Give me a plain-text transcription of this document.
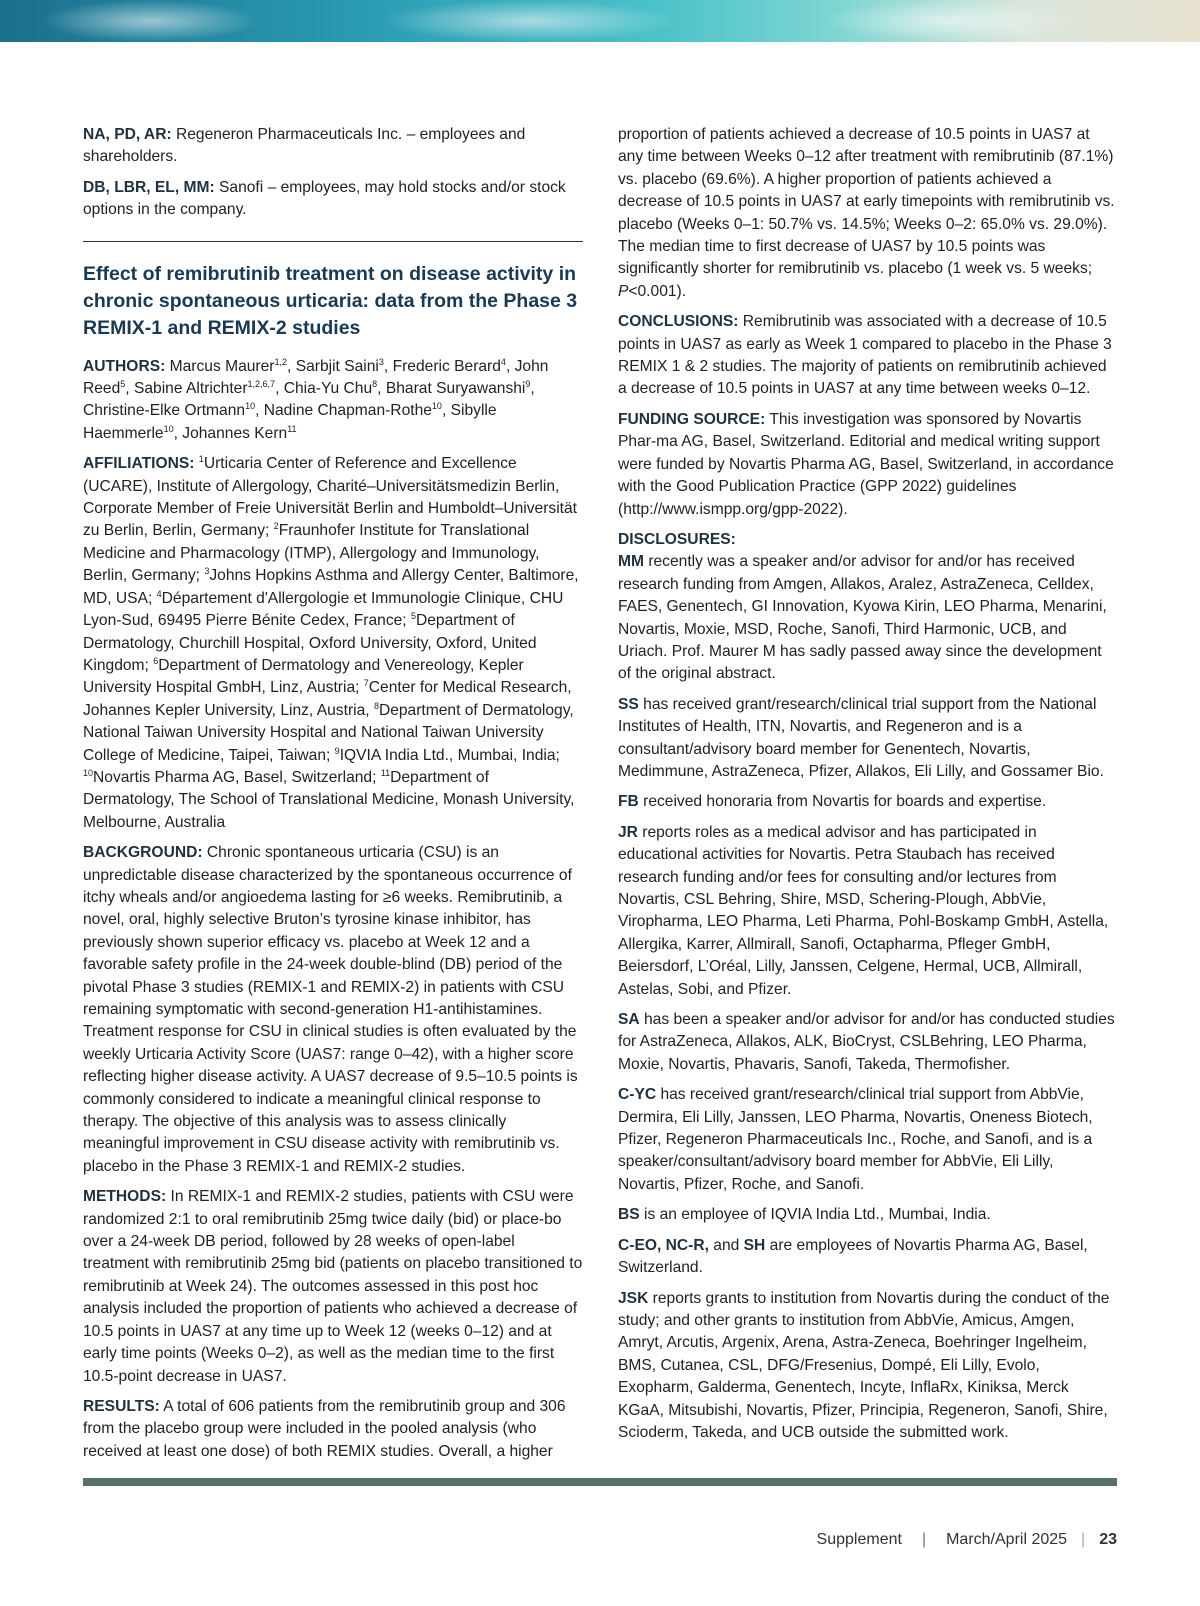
NA, PD, AR: Regeneron Pharmaceuticals Inc. – employees and shareholders.

DB, LBR, EL, MM: Sanofi – employees, may hold stocks and/or stock options in the company.

Effect of remibrutinib treatment on disease activity in chronic spontaneous urticaria: data from the Phase 3 REMIX-1 and REMIX-2 studies

AUTHORS: Marcus Maurer$^{1,2}$, Sarbjit Saini$^3$, Frederic Berard$^4$, John Reed$^5$, Sabine Altrichter$^{1,2,6,7}$, Chia-Yu Chu$^8$, Bharat Suryawanshi$^9$, Christine-Elke Ortmann$^{10}$, Nadine Chapman-Rothe$^{10}$, Sibylle Haemmerle$^{10}$, Johannes Kern$^{11}$

AFFILIATIONS: $^1$Urticaria Center of Reference and Excellence (UCARE), Institute of Allergology, Charité–Universitätsmedizin Berlin, Corporate Member of Freie Universität Berlin and Humboldt–Universität zu Berlin, Berlin, Germany; $^2$Fraunhofer Institute for Translational Medicine and Pharmacology (ITMP), Allergology and Immunology, Berlin, Germany; $^3$Johns Hopkins Asthma and Allergy Center, Baltimore, MD, USA; $^4$Département d'Allergologie et Immunologie Clinique, CHU Lyon-Sud, 69495 Pierre Bénite Cedex, France; $^5$Department of Dermatology, Churchill Hospital, Oxford University, Oxford, United Kingdom; $^6$Department of Dermatology and Venereology, Kepler University Hospital GmbH, Linz, Austria; $^7$Center for Medical Research, Johannes Kepler University, Linz, Austria, $^8$Department of Dermatology, National Taiwan University Hospital and National Taiwan University College of Medicine, Taipei, Taiwan; $^9$IQVIA India Ltd., Mumbai, India; $^{10}$Novartis Pharma AG, Basel, Switzerland; $^{11}$Department of Dermatology, The School of Translational Medicine, Monash University, Melbourne, Australia

BACKGROUND: Chronic spontaneous urticaria (CSU) is an unpredictable disease characterized by the spontaneous occurrence of itchy wheals and/or angioedema lasting for ≥6 weeks. Remibrutinib, a novel, oral, highly selective Bruton’s tyrosine kinase inhibitor, has previously shown superior efficacy vs. placebo at Week 12 and a favorable safety profile in the 24-week double-blind (DB) period of the pivotal Phase 3 studies (REMIX-1 and REMIX-2) in patients with CSU remaining symptomatic with second-generation H1-antihistamines. Treatment response for CSU in clinical studies is often evaluated by the weekly Urticaria Activity Score (UAS7: range 0–42), with a higher score reflecting higher disease activity. A UAS7 decrease of 9.5–10.5 points is commonly considered to indicate a meaningful clinical response to therapy. The objective of this analysis was to assess clinically meaningful improvement in CSU disease activity with remibrutinib vs. placebo in the Phase 3 REMIX-1 and REMIX-2 studies.

METHODS: In REMIX-1 and REMIX-2 studies, patients with CSU were randomized 2:1 to oral remibrutinib 25mg twice daily (bid) or place-bo over a 24-week DB period, followed by 28 weeks of open-label treatment with remibrutinib 25mg bid (patients on placebo transitioned to remibrutinib at Week 24). The outcomes assessed in this post hoc analysis included the proportion of patients who achieved a decrease of 10.5 points in UAS7 at any time up to Week 12 (weeks 0–12) and at early time points (Weeks 0–2), as well as the median time to the first 10.5-point decrease in UAS7.

RESULTS: A total of 606 patients from the remibrutinib group and 306 from the placebo group were included in the pooled analysis (who received at least one dose) of both REMIX studies. Overall, a higher

proportion of patients achieved a decrease of 10.5 points in UAS7 at any time between Weeks 0–12 after treatment with remibrutinib (87.1%) vs. placebo (69.6%). A higher proportion of patients achieved a decrease of 10.5 points in UAS7 at early timepoints with remibrutinib vs. placebo (Weeks 0–1: 50.7% vs. 14.5%; Weeks 0–2: 65.0% vs. 29.0%). The median time to first decrease of UAS7 by 10.5 points was significantly shorter for remibrutinib vs. placebo (1 week vs. 5 weeks; P<0.001).

CONCLUSIONS: Remibrutinib was associated with a decrease of 10.5 points in UAS7 as early as Week 1 compared to placebo in the Phase 3 REMIX 1 & 2 studies. The majority of patients on remibrutinib achieved a decrease of 10.5 points in UAS7 at any time between weeks 0–12.

FUNDING SOURCE: This investigation was sponsored by Novartis Phar-ma AG, Basel, Switzerland. Editorial and medical writing support were funded by Novartis Pharma AG, Basel, Switzerland, in accordance with the Good Publication Practice (GPP 2022) guidelines (http://www.ismpp.org/gpp-2022).

DISCLOSURES:

MM recently was a speaker and/or advisor for and/or has received research funding from Amgen, Allakos, Aralez, AstraZeneca, Celldex, FAES, Genentech, GI Innovation, Kyowa Kirin, LEO Pharma, Menarini, Novartis, Moxie, MSD, Roche, Sanofi, Third Harmonic, UCB, and Uriach. Prof. Maurer M has sadly passed away since the development of the original abstract.

SS has received grant/research/clinical trial support from the National Institutes of Health, ITN, Novartis, and Regeneron and is a consultant/advisory board member for Genentech, Novartis, Medimmune, AstraZeneca, Pfizer, Allakos, Eli Lilly, and Gossamer Bio.

FB received honoraria from Novartis for boards and expertise.

JR reports roles as a medical advisor and has participated in educational activities for Novartis. Petra Staubach has received research funding and/or fees for consulting and/or lectures from Novartis, CSL Behring, Shire, MSD, Schering-Plough, AbbVie, Viropharma, LEO Pharma, Leti Pharma, Pohl-Boskamp GmbH, Astella, Allergika, Karrer, Allmirall, Sanofi, Octapharma, Pfleger GmbH, Beiersdorf, L’Oréal, Lilly, Janssen, Celgene, Hermal, UCB, Allmirall, Astelas, Sobi, and Pfizer.

SA has been a speaker and/or advisor for and/or has conducted studies for AstraZeneca, Allakos, ALK, BioCryst, CSLBehring, LEO Pharma, Moxie, Novartis, Phavaris, Sanofi, Takeda, Thermofisher.

C-YC has received grant/research/clinical trial support from AbbVie, Dermira, Eli Lilly, Janssen, LEO Pharma, Novartis, Oneness Biotech, Pfizer, Regeneron Pharmaceuticals Inc., Roche, and Sanofi, and is a speaker/consultant/advisory board member for AbbVie, Eli Lilly, Novartis, Pfizer, Roche, and Sanofi.

BS is an employee of IQVIA India Ltd., Mumbai, India.

C-EO, NC-R, and SH are employees of Novartis Pharma AG, Basel, Switzerland.

JSK reports grants to institution from Novartis during the conduct of the study; and other grants to institution from AbbVie, Amicus, Amgen, Amryt, Arcutis, Argenix, Arena, Astra-Zeneca, Boehringer Ingelheim, BMS, Cutanea, CSL, DFG/Fresenius, Dompé, Eli Lilly, Evolo, Exopharm, Galderma, Genentech, Incyte, InflaRx, Kiniksa, Merck KGaA, Mitsubishi, Novartis, Pfizer, Principia, Regeneron, Sanofi, Shire, Scioderm, Takeda, and UCB outside the submitted work.

Supplement | March/April 2025 | 23
